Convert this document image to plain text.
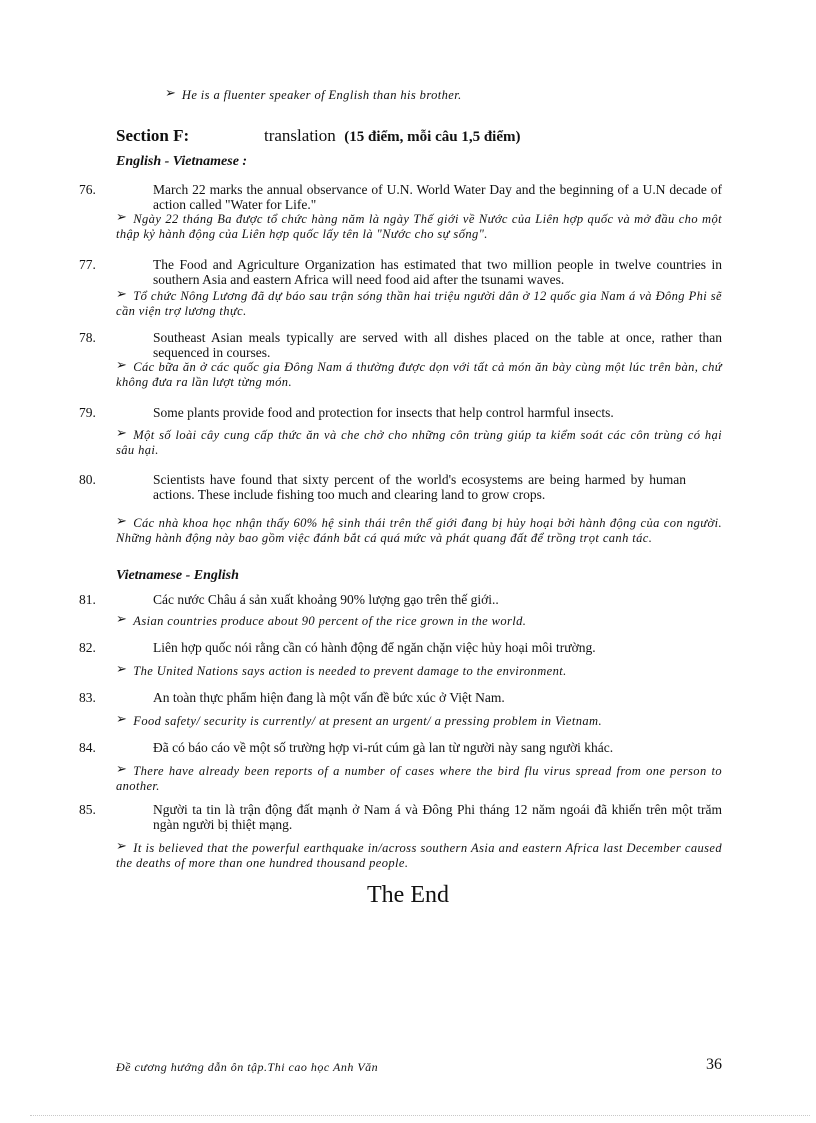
➢ He is a fluenter speaker of English than his brother.
Section F:	translation (15 điểm, mỗi câu 1,5 điểm)
English - Vietnamese :
76.	March 22 marks the annual observance of U.N. World Water Day and the beginning of a U.N decade of action called "Water for Life."
➢ Ngày 22 tháng Ba được tổ chức hàng năm là ngày Thế giới về Nước của Liên hợp quốc và mở đầu cho một thập kỷ hành động của Liên hợp quốc lấy tên là "Nước cho sự sống".
77.	The Food and Agriculture Organization has estimated that two million people in twelve countries in southern Asia and eastern Africa will need food aid after the tsunami waves.
➢ Tổ chức Nông Lương đã dự báo sau trận sóng thần hai triệu người dân ở 12 quốc gia Nam á và Đông Phi sẽ cần viện trợ lương thực.
78.	Southeast Asian meals typically are served with all dishes placed on the table at once, rather than sequenced in courses.
➢ Các bữa ăn ở các quốc gia Đông Nam á thường được dọn với tất cả món ăn bày cùng một lúc trên bàn, chứ không đưa ra lần lượt từng món.
79.	Some plants provide food and protection for insects that help control harmful insects.
➢ Một số loài cây cung cấp thức ăn và che chở cho những côn trùng giúp ta kiểm soát các côn trùng có hại sâu hại.
80.	Scientists have found that sixty percent of the world's ecosystems are being harmed by human actions. These include fishing too much and clearing land to grow crops.
➢ Các nhà khoa học nhận thấy 60% hệ sinh thái trên thế giới đang bị hủy hoại bởi hành động của con người. Những hành động này bao gồm việc đánh bắt cá quá mức và phát quang đất để trồng trọt canh tác.
Vietnamese - English
81.	Các nước Châu á sản xuất khoảng 90% lượng gạo trên thế giới..
➢ Asian countries produce about 90 percent of the rice grown in the world.
82.	Liên hợp quốc nói rằng cần có hành động để ngăn chặn việc hủy hoại môi trường.
➢ The United Nations says action is needed to prevent damage to the environment.
83.	An toàn thực phẩm hiện đang là một vấn đề bức xúc ở Việt Nam.
➢ Food safety/ security is currently/ at present an urgent/ a pressing problem in Vietnam.
84.	Đã có báo cáo về một số trường hợp vi-rút cúm gà lan từ người này sang người khác.
➢ There have already been reports of a number of cases where the bird flu virus spread from one person to another.
85.	Người ta tin là trận động đất mạnh ở Nam á và Đông Phi tháng 12 năm ngoái đã khiến trên một trăm ngàn người bị thiệt mạng.
➢ It is believed that the powerful earthquake in/across southern Asia and eastern Africa last December caused the deaths of more than one hundred thousand people.
The End
Đề cương hướng dẫn ôn tập.Thi cao học Anh Văn	36
